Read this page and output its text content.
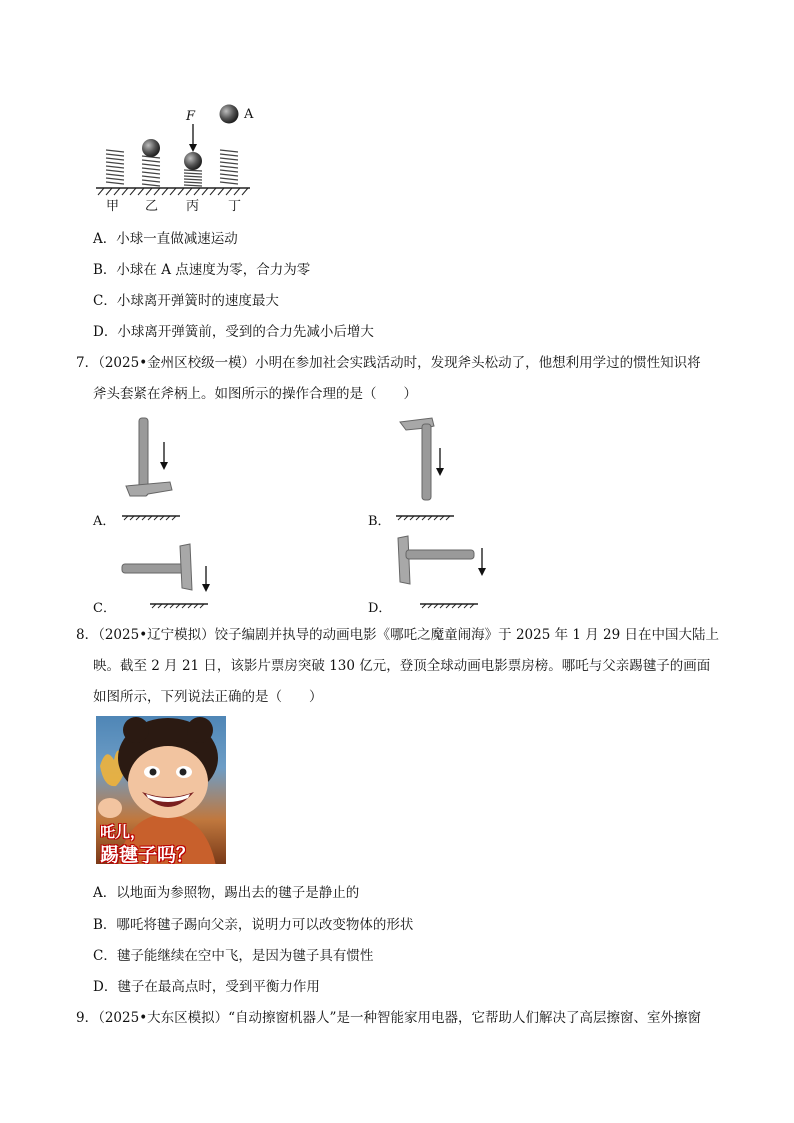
F	A
甲 乙 丙 丁
A．小球一直做减速运动
B．小球在 A 点速度为零，合力为零
C．小球离开弹簧时的速度最大
D．小球离开弹簧前，受到的合力先减小后增大
7．（2025•金州区校级一模）小明在参加社会实践活动时，发现斧头松动了，他想利用学过的惯性知识将
斧头套紧在斧柄上。如图所示的操作合理的是（　　）
A．	B．
C．	D．
8．（2025•辽宁模拟）饺子编剧并执导的动画电影《哪吒之魔童闹海》于 2025 年 1 月 29 日在中国大陆上
映。截至 2 月 21 日，该影片票房突破 130 亿元，登顶全球动画电影票房榜。哪吒与父亲踢毽子的画面
如图所示，下列说法正确的是（　　）
吒儿，
踢毽子吗？
A．以地面为参照物，踢出去的毽子是静止的
B．哪吒将毽子踢向父亲，说明力可以改变物体的形状
C．毽子能继续在空中飞，是因为毽子具有惯性
D．毽子在最高点时，受到平衡力作用
9．（2025•大东区模拟）“自动擦窗机器人”是一种智能家用电器，它帮助人们解决了高层擦窗、室外擦窗
